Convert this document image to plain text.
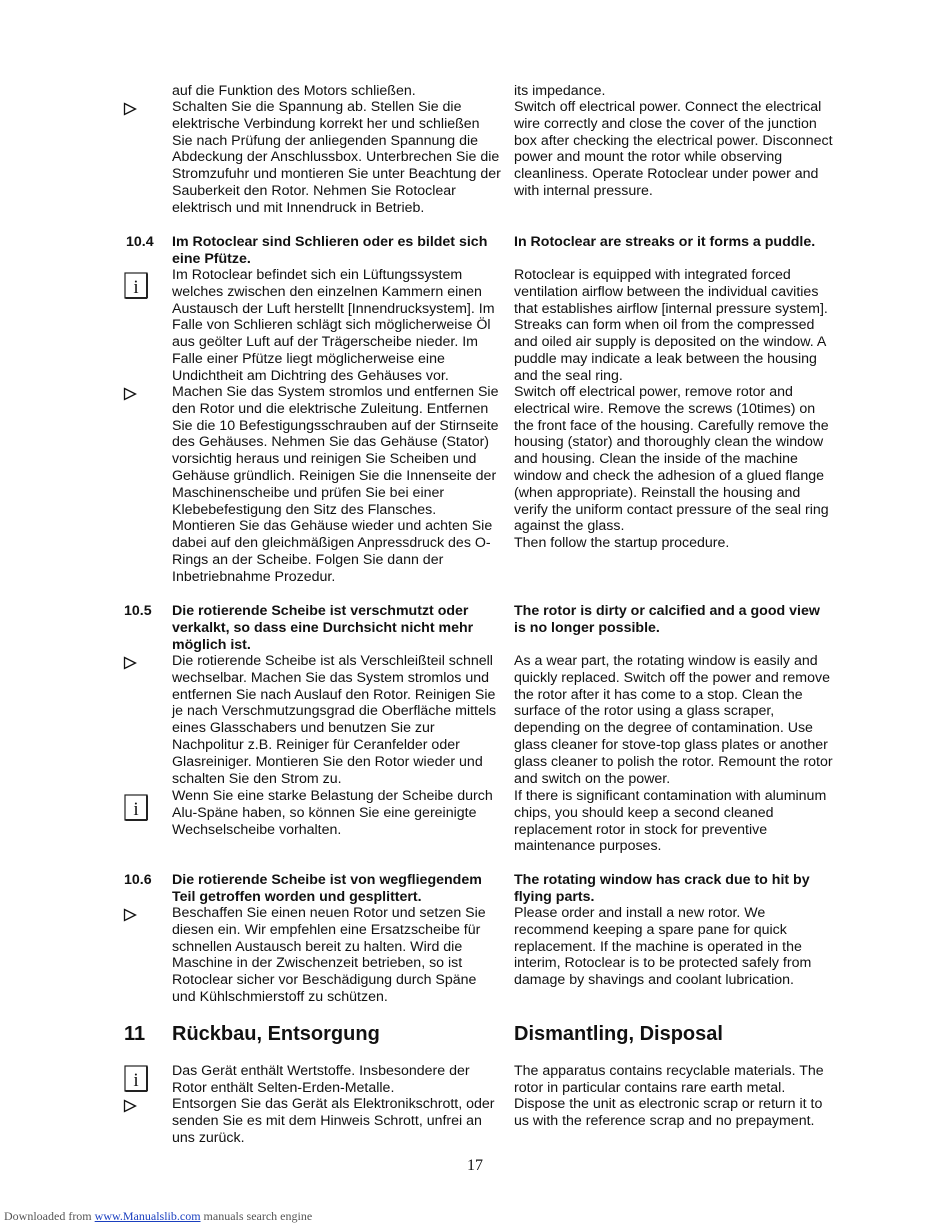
auf die Funktion des Motors schließen.	its impedance.
Schalten Sie die Spannung ab. Stellen Sie die elektrische Verbindung korrekt her und schließen Sie nach Prüfung der anliegenden Spannung die Abdeckung der Anschlussbox. Unterbrechen Sie die Stromzufuhr und montieren Sie unter Beachtung der Sauberkeit den Rotor. Nehmen Sie Rotoclear elektrisch und mit Innendruck in Betrieb.
Switch off electrical power. Connect the electrical wire correctly and close the cover of the junction box after checking the electrical power. Disconnect power and mount the rotor while observing cleanliness. Operate Rotoclear under power and with internal pressure.
10.4 Im Rotoclear sind Schlieren oder es bildet sich eine Pfütze.
In Rotoclear are streaks or it forms a puddle.
i
Im Rotoclear befindet sich ein Lüftungssystem welches zwischen den einzelnen Kammern einen Austausch der Luft herstellt [Innendrucksystem]. Im Falle von Schlieren schlägt sich möglicherweise Öl aus geölter Luft auf der Trägerscheibe nieder. Im Falle einer Pfütze liegt möglicherweise eine Undichtheit am Dichtring des Gehäuses vor.
Rotoclear is equipped with integrated forced ventilation airflow between the individual cavities that establishes airflow [internal pressure system]. Streaks can form when oil from the compressed and oiled air supply is deposited on the window. A puddle may indicate a leak between the housing and the seal ring.
Machen Sie das System stromlos und entfernen Sie den Rotor und die elektrische Zuleitung. Entfernen Sie die 10 Befestigungsschrauben auf der Stirnseite des Gehäuses. Nehmen Sie das Gehäuse (Stator) vorsichtig heraus und reinigen Sie Scheiben und Gehäuse gründlich. Reinigen Sie die Innenseite der Maschinenscheibe und prüfen Sie bei einer Klebebefestigung den Sitz des Flansches. Montieren Sie das Gehäuse wieder und achten Sie dabei auf den gleichmäßigen Anpressdruck des O-Rings an der Scheibe. Folgen Sie dann der Inbetriebnahme Prozedur.
Switch off electrical power, remove rotor and electrical wire. Remove the screws (10times) on the front face of the housing. Carefully remove the housing (stator) and thoroughly clean the window and housing. Clean the inside of the machine window and check the adhesion of a glued flange (when appropriate). Reinstall the housing and verify the uniform contact pressure of the seal ring against the glass.
Then follow the startup procedure.
10.5 Die rotierende Scheibe ist verschmutzt oder verkalkt, so dass eine Durchsicht nicht mehr möglich ist.
The rotor is dirty or calcified and a good view is no longer possible.
Die rotierende Scheibe ist als Verschleißteil schnell wechselbar. Machen Sie das System stromlos und entfernen Sie nach Auslauf den Rotor. Reinigen Sie je nach Verschmutzungsgrad die Oberfläche mittels eines Glasschabers und benutzen Sie zur Nachpolitur z.B. Reiniger für Ceranfelder oder Glasreiniger. Montieren Sie den Rotor wieder und schalten Sie den Strom zu.
As a wear part, the rotating window is easily and quickly replaced. Switch off the power and remove the rotor after it has come to a stop. Clean the surface of the rotor using a glass scraper, depending on the degree of contamination. Use glass cleaner for stove-top glass plates or another glass cleaner to polish the rotor. Remount the rotor and switch on the power.
i
Wenn Sie eine starke Belastung der Scheibe durch Alu-Späne haben, so können Sie eine gereinigte Wechselscheibe vorhalten.
If there is significant contamination with aluminum chips, you should keep a second cleaned replacement rotor in stock for preventive maintenance purposes.
10.6 Die rotierende Scheibe ist von wegfliegendem Teil getroffen worden und gesplittert.
The rotating window has crack due to hit by flying parts.
Beschaffen Sie einen neuen Rotor und setzen Sie diesen ein. Wir empfehlen eine Ersatzscheibe für schnellen Austausch bereit zu halten. Wird die Maschine in der Zwischenzeit betrieben, so ist Rotoclear sicher vor Beschädigung durch Späne und Kühlschmierstoff zu schützen.
Please order and install a new rotor. We recommend keeping a spare pane for quick replacement. If the machine is operated in the interim, Rotoclear is to be protected safely from damage by shavings and coolant lubrication.
11 Rückbau, Entsorgung	Dismantling, Disposal
i Das Gerät enthält Wertstoffe. Insbesondere der Rotor enthält Selten-Erden-Metalle.
The apparatus contains recyclable materials. The rotor in particular contains rare earth metal.
Entsorgen Sie das Gerät als Elektronikschrott, oder senden Sie es mit dem Hinweis Schrott, unfrei an uns zurück.
Dispose the unit as electronic scrap or return it to us with the reference scrap and no prepayment.
17
Downloaded from www.Manualslib.com manuals search engine
